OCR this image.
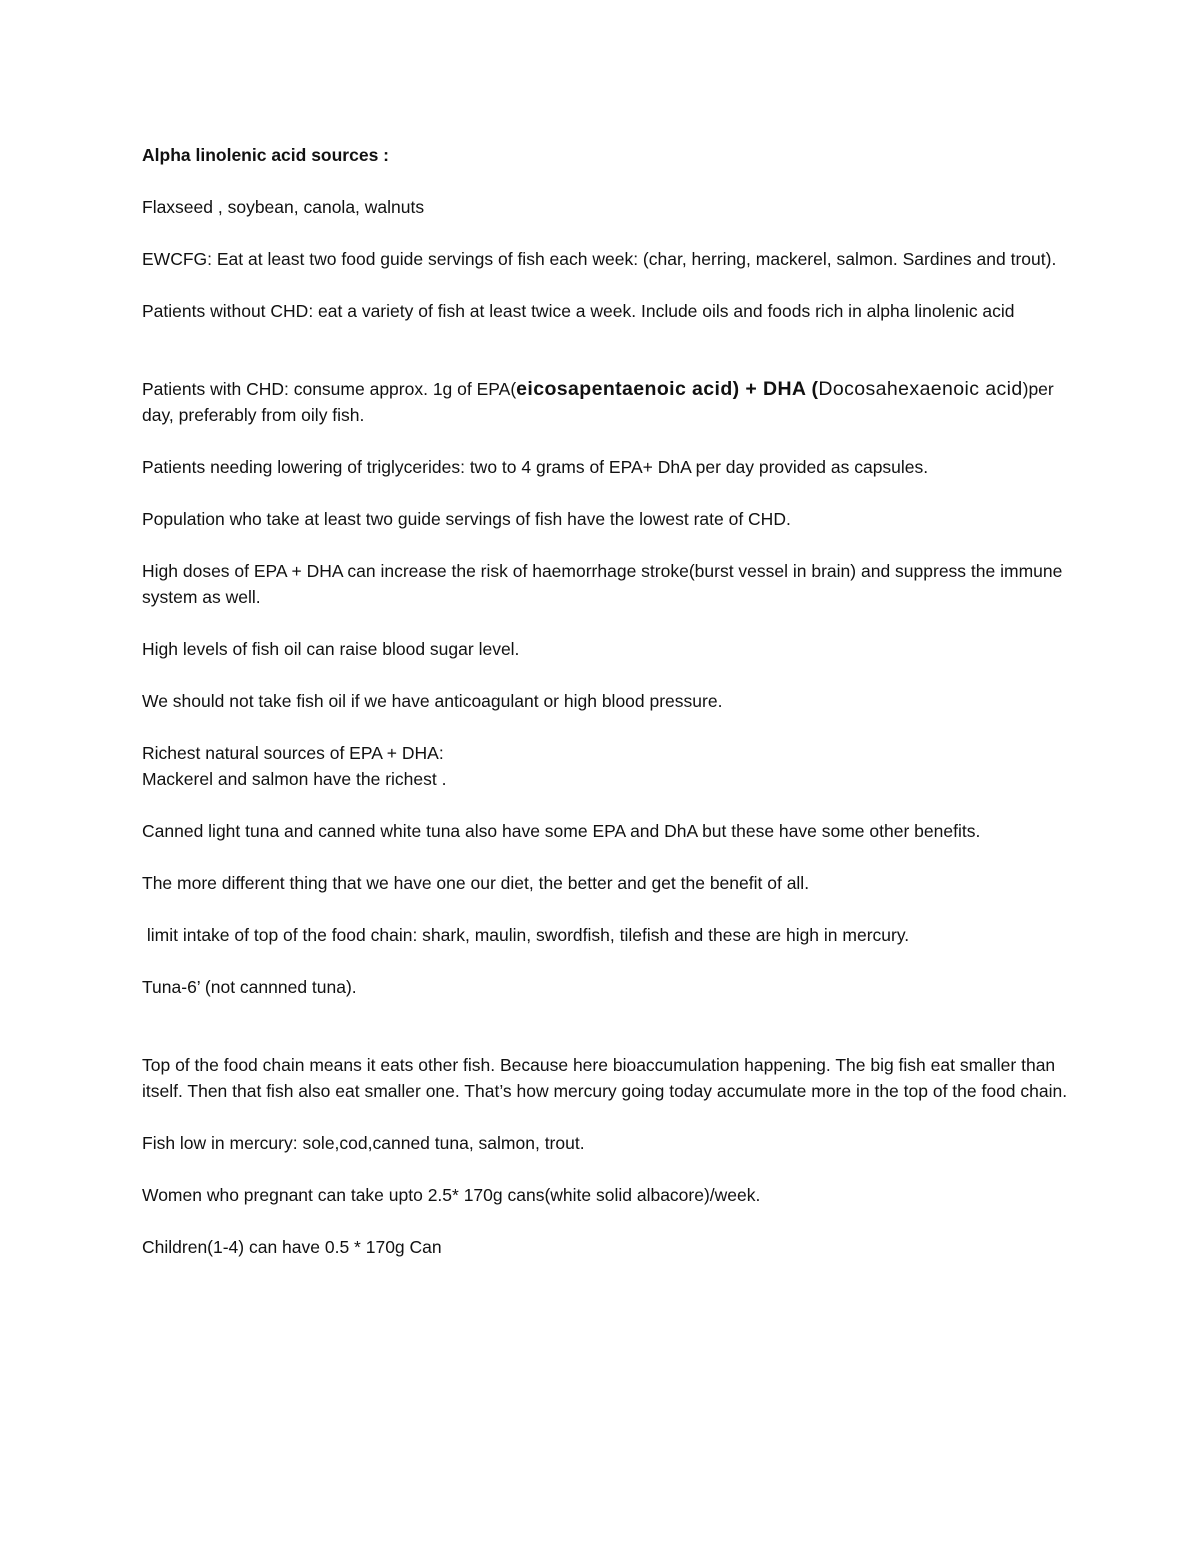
Alpha linolenic acid sources :

Flaxseed , soybean, canola, walnuts

EWCFG: Eat at least two food guide servings of fish each week: (char, herring, mackerel, salmon. Sardines and trout).

Patients without CHD: eat a variety of fish at least twice a week. Include oils and foods rich in alpha linolenic acid

Patients with CHD: consume approx. 1g of EPA(eicosapentaenoic acid) + DHA (Docosahexaenoic acid)per day, preferably from oily fish.

Patients needing lowering of triglycerides: two to 4 grams of EPA+ DhA per day provided as capsules.

Population who take at least two guide servings of fish have the lowest rate of CHD.

High doses of EPA + DHA can increase the risk of haemorrhage stroke(burst vessel in brain) and suppress the immune system as well.

High levels of fish oil can raise blood sugar level.

We should not take fish oil if we have anticoagulant or high blood pressure.

Richest natural sources of EPA + DHA:

Mackerel and salmon have the richest .

Canned light tuna and canned white tuna also have some EPA and DhA but these have some other benefits.

The more different thing that we have one our diet, the better and get the benefit of all.

limit intake of top of the food chain: shark, maulin, swordfish, tilefish and these are high in mercury.

Tuna-6’ (not cannned tuna).

Top of the food chain means it eats other fish. Because here bioaccumulation happening. The big fish eat smaller than itself. Then that fish also eat smaller one. That’s how mercury going today accumulate more in the top of the food chain.

Fish low in mercury: sole,cod,canned tuna, salmon, trout.

Women who pregnant can take upto 2.5* 170g cans(white solid albacore)/week.

Children(1-4) can have 0.5 * 170g Can
